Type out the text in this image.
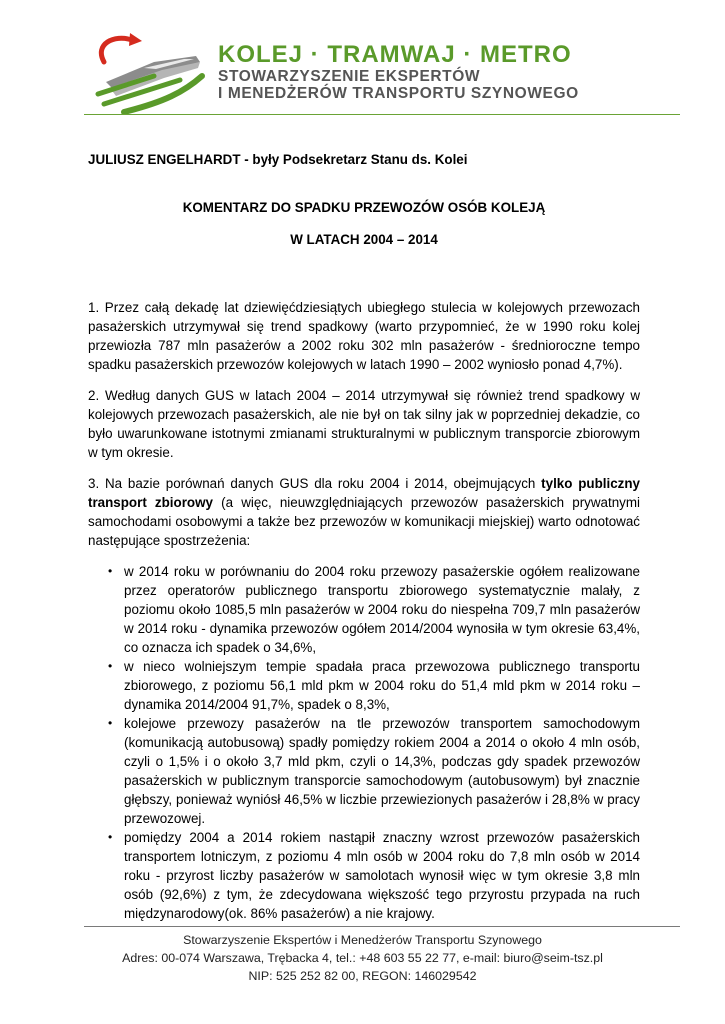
KOLEJ · TRAMWAJ · METRO
STOWARZYSZENIE EKSPERTÓW
I MENEDŻERÓW TRANSPORTU SZYNOWEGO

JULIUSZ ENGELHARDT - były Podsekretarz Stanu ds. Kolei

KOMENTARZ DO SPADKU PRZEWOZÓW OSÓB KOLEJĄ

W LATACH 2004 – 2014

1. Przez całą dekadę lat dziewięćdziesiątych ubiegłego stulecia w kolejowych przewozach pasażerskich utrzymywał się trend spadkowy (warto przypomnieć, że w 1990 roku kolej przewiozła 787 mln pasażerów a 2002 roku 302 mln pasażerów - średnioroczne tempo spadku pasażerskich przewozów kolejowych w latach 1990 – 2002 wyniosło ponad 4,7%).

2. Według danych GUS w latach 2004 – 2014 utrzymywał się również trend spadkowy w kolejowych przewozach pasażerskich, ale nie był on tak silny jak w poprzedniej dekadzie, co było uwarunkowane istotnymi zmianami strukturalnymi w publicznym transporcie zbiorowym w tym okresie.

3. Na bazie porównań danych GUS dla roku 2004 i 2014, obejmujących tylko publiczny transport zbiorowy (a więc, nieuwzględniających przewozów pasażerskich prywatnymi samochodami osobowymi a także bez przewozów w komunikacji miejskiej) warto odnotować następujące spostrzeżenia:

• w 2014 roku w porównaniu do 2004 roku przewozy pasażerskie ogółem realizowane przez operatorów publicznego transportu zbiorowego systematycznie malały, z poziomu około 1085,5 mln pasażerów w 2004 roku do niespełna 709,7 mln pasażerów w 2014 roku - dynamika przewozów ogółem 2014/2004 wynosiła w tym okresie 63,4%, co oznacza ich spadek o 34,6%,
• w nieco wolniejszym tempie spadała praca przewozowa publicznego transportu zbiorowego, z poziomu 56,1 mld pkm w 2004 roku do 51,4 mld pkm w 2014 roku – dynamika 2014/2004 91,7%, spadek o 8,3%,
• kolejowe przewozy pasażerów na tle przewozów transportem samochodowym (komunikacją autobusową) spadły pomiędzy rokiem 2004 a 2014 o około 4 mln osób, czyli o 1,5% i o około 3,7 mld pkm, czyli o 14,3%, podczas gdy spadek przewozów pasażerskich w publicznym transporcie samochodowym (autobusowym) był znacznie głębszy, ponieważ wyniósł 46,5% w liczbie przewiezionych pasażerów i 28,8% w pracy przewozowej.
• pomiędzy 2004 a 2014 rokiem nastąpił znaczny wzrost przewozów pasażerskich transportem lotniczym, z poziomu 4 mln osób w 2004 roku do 7,8 mln osób w 2014 roku - przyrost liczby pasażerów w samolotach wynosił więc w tym okresie 3,8 mln osób (92,6%) z tym, że zdecydowana większość tego przyrostu przypada na ruch międzynarodowy(ok. 86% pasażerów) a nie krajowy.
Stowarzyszenie Ekspertów i Menedżerów Transportu Szynowego
Adres: 00-074 Warszawa, Trębacka 4, tel.: +48 603 55 22 77, e-mail: biuro@seim-tsz.pl
NIP: 525 252 82 00, REGON: 146029542
